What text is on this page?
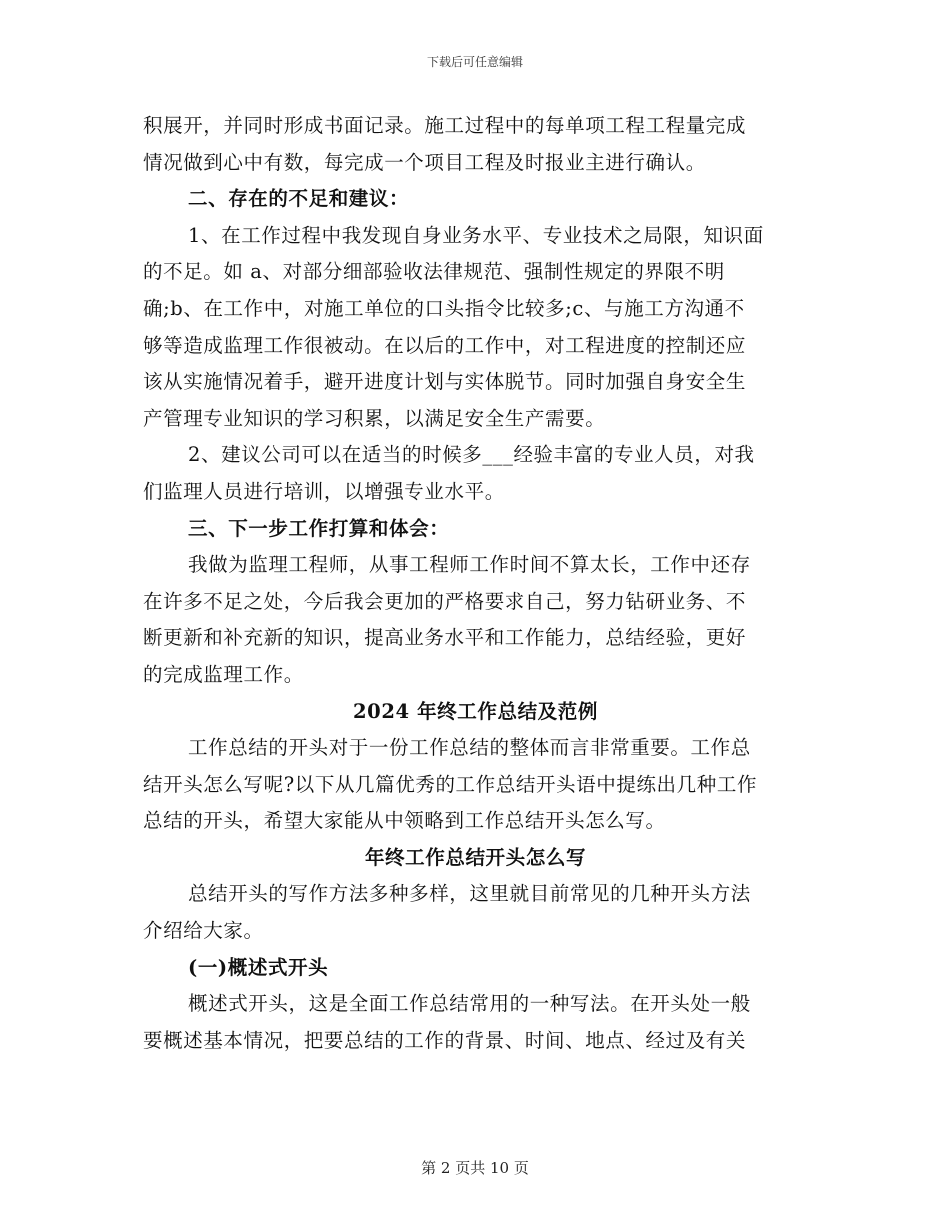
下载后可任意编辑
积展开，并同时形成书面记录。施工过程中的每单项工程工程量完成
情况做到心中有数，每完成一个项目工程及时报业主进行确认。
二、存在的不足和建议：
1、在工作过程中我发现自身业务水平、专业技术之局限，知识面
的不足。如 a、对部分细部验收法律规范、强制性规定的界限不明
确;b、在工作中，对施工单位的口头指令比较多;c、与施工方沟通不
够等造成监理工作很被动。在以后的工作中，对工程进度的控制还应
该从实施情况着手，避开进度计划与实体脱节。同时加强自身安全生
产管理专业知识的学习积累，以满足安全生产需要。
2、建议公司可以在适当的时候多___经验丰富的专业人员，对我
们监理人员进行培训，以增强专业水平。
三、下一步工作打算和体会：
我做为监理工程师，从事工程师工作时间不算太长，工作中还存
在许多不足之处，今后我会更加的严格要求自己，努力钻研业务、不
断更新和补充新的知识，提高业务水平和工作能力，总结经验，更好
的完成监理工作。
2024 年终工作总结及范例
工作总结的开头对于一份工作总结的整体而言非常重要。工作总
结开头怎么写呢?以下从几篇优秀的工作总结开头语中提练出几种工作
总结的开头，希望大家能从中领略到工作总结开头怎么写。
年终工作总结开头怎么写
总结开头的写作方法多种多样，这里就目前常见的几种开头方法
介绍给大家。
(一)概述式开头
概述式开头，这是全面工作总结常用的一种写法。在开头处一般
要概述基本情况，把要总结的工作的背景、时间、地点、经过及有关
第 2 页共 10 页
